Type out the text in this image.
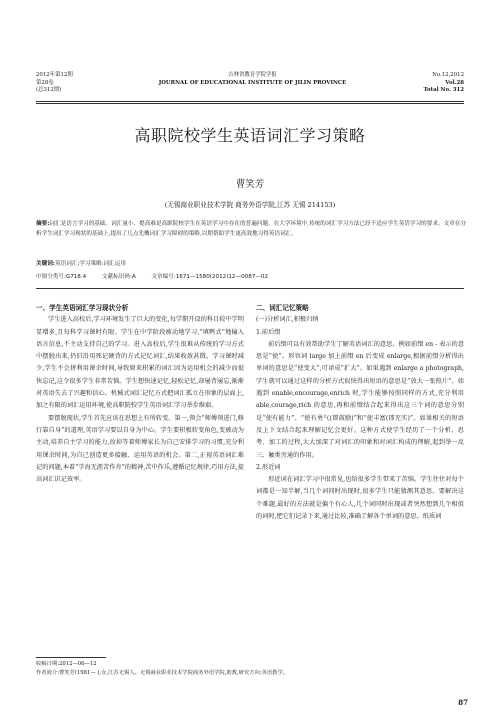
2012年第12期
第28卷
(总312期)
吉林省教育学院学报
JOURNAL OF EDUCATIONAL INSTITUTE OF JILIN PROVINCE
No.12,2012
Vol.28
Total No. 312
高职院校学生英语词汇学习策略
曹笑芳
(无锡商业职业技术学院 商务外语学院,江苏 无锡 214153)
摘要:词汇是语言学习的基础。词汇量小、提高难是高职院校学生在英语学习中存在的普遍问题。在大学环境中,传统的词汇学习方法已经不适应学生英语学习的要求。文章在分析学生词汇学习现状的基础上,提出了几点先概词汇学习障碍的策略,以期帮助学生更高效地习得英语词汇。
关键词:英语词汇;学习策略;词汇运用
中图分类号:G718.4	文献标识码:A	文章编号:1671—1580(2012)12—0087—02
一、学生英语词汇学习现状分析

学生进入高校后,学习环境发生了巨大的变化,每学期开设的科目较中学明显增多,且每科学习课时有限。学生在中学阶段被动地学习,“填鸭式”地输入语言信息,不主动支持自己的学习。进入高校后,学生很难从传统的学习方式中摆脱出来,仍旧沿用死记硬背的方式记忆词汇,结果收效甚微。学习课时减少,学生不会拼利用课余时间,导致原来积累的词汇因为运用机会的减少而很快忘记,这令很多学生非常苦恼。学生想快速记忆,轻松记忆,却屡背屡忘,渐渐对英语失去了兴趣和信心。机械式词汇记忆方式把词汇孤立在形象的层面上,加之有限的词汇运用环境,使高职院校学生英语词汇学习举步维艰。

要摆脱现状,学生首先应该在思想上有所转变。第一,领会“师傅领进门,修行靠自身”的道理,英语学习要以自身为中心。学生要积极转变角色,变被动为主动,培养自主学习的能力,改掉等着师傅家长为自己安排学习的习惯,充分利用课余时间,为自己创造更多接触、运用英语的机会。第二,正视英语词汇难记的问题,本着“学海无涯苦作舟”的精神,苦中作乐,遵循记忆规律,巧用方法,提高词汇识记效率。

二、词汇记忆策略
(一)分析词汇,积极归纳
1.前后缀

前后缀可以有效帮助学生了解英语词汇的意思。例如前缀 en - 表示的意思是“使”。形容词 large 加上前缀 en 后变成 enlarge,根据前缀分析得出单词的意思是“使变大”,可译成“扩大”。如果遇到 enlarge a photograph,学生就可以通过这样的分析方式很快得出短语的意思是“放大一张照片”。如遇到 enable,encourage,enrich 时,学生能够按照同样的方式,充分利用 able,courage,rich 的意思,再和前缀结合起来得出这三个词的意思分别是“使有能力”、“使有勇气(即鼓励)”和“使丰富(即充实)”。如果相关的短语及上下文结合起来理解记忆会更好。这种方式使学生经历了一个分析、思考、加工的过程,大大加深了对词汇的印象和对词汇构成的理解,起到举一反三、触类旁通的作用。

2.形近词

形近词在词汇学习中很常见,也给很多学生带来了苦恼。学生往往对每个词都是一知半解,当几个词同时出现时,很多学生只能猜测其意思。要解决这个难题,最好的方法就是偏个有心人,几个词同时出现或者突然想到几个相似的词时,把它们记录下来,通过比较,准确了解各个单词的意思。纸质词

收稿日期:2012—06—12
作者简介:曹笑芳(1981— ),女,江苏无锡人。无锡商业职业技术学院商务外语学院,助教,研究方向:英语教学。
87
